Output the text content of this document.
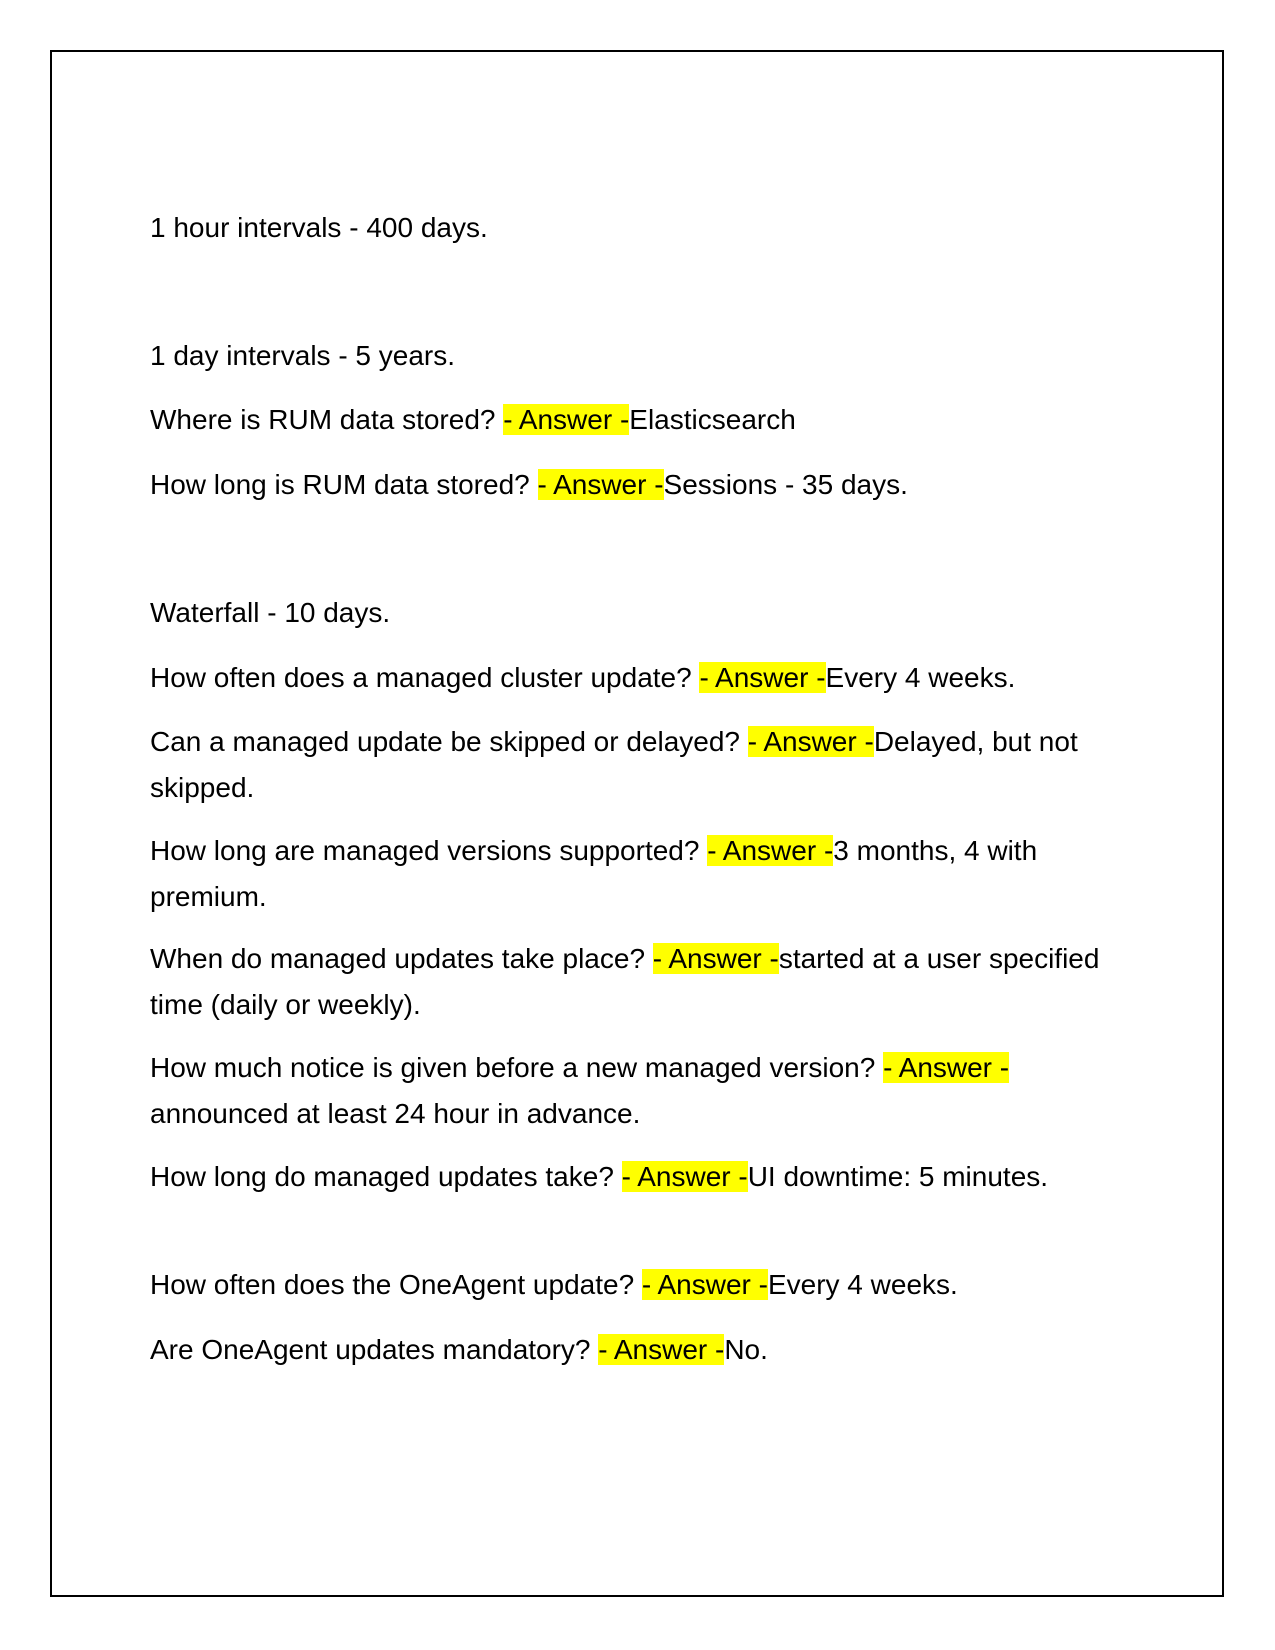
1 hour intervals - 400 days.

1 day intervals - 5 years.

Where is RUM data stored? - Answer -Elasticsearch

How long is RUM data stored? - Answer -Sessions - 35 days.

Waterfall - 10 days.

How often does a managed cluster update? - Answer -Every 4 weeks.

Can a managed update be skipped or delayed? - Answer -Delayed, but not skipped.

How long are managed versions supported? - Answer -3 months, 4 with premium.

When do managed updates take place? - Answer -started at a user specified time (daily or weekly).

How much notice is given before a new managed version? - Answer -announced at least 24 hour in advance.

How long do managed updates take? - Answer -UI downtime: 5 minutes.

How often does the OneAgent update? - Answer -Every 4 weeks.

Are OneAgent updates mandatory? - Answer -No.
